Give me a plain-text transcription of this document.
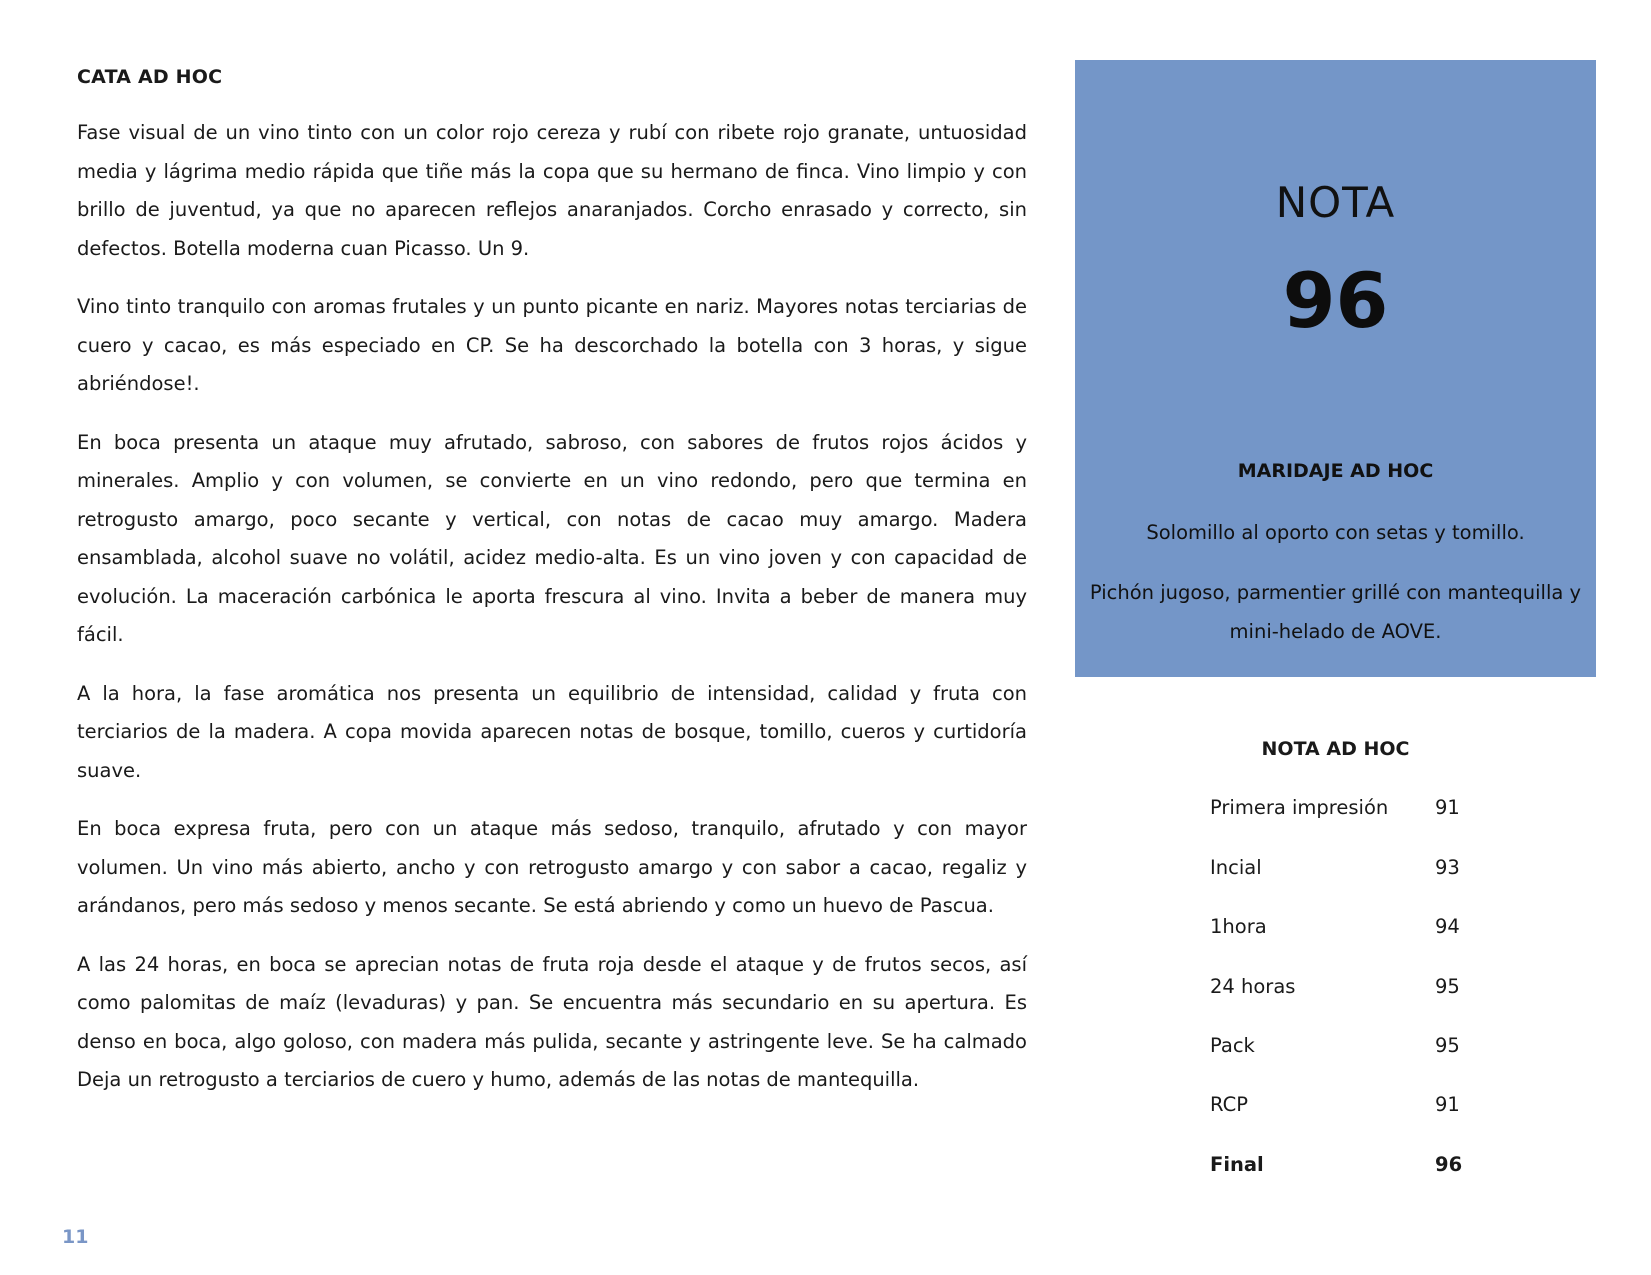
CATA AD HOC

Fase visual de un vino tinto con un color rojo cereza y rubí con ribete rojo granate, untuosidad media y lágrima medio rápida que tiñe más la copa que su hermano de finca. Vino limpio y con brillo de juventud, ya que no aparecen reflejos anaranjados. Corcho enrasado y correcto, sin defectos. Botella moderna cuan Picasso. Un 9.

Vino tinto tranquilo con aromas frutales y un punto picante en nariz. Mayores notas terciarias de cuero y cacao, es más especiado en CP. Se ha descorchado la botella con 3 horas, y sigue abriéndose!.

En boca presenta un ataque muy afrutado, sabroso, con sabores de frutos rojos ácidos y minerales. Amplio y con volumen, se convierte en un vino redondo, pero que termina en retrogusto amargo, poco secante y vertical, con notas de cacao muy amargo. Madera ensamblada, alcohol suave no volátil, acidez medio-alta. Es un vino joven y con capacidad de evolución. La maceración carbónica le aporta frescura al vino. Invita a beber de manera muy fácil.

A la hora, la fase aromática nos presenta un equilibrio de intensidad, calidad y fruta con terciarios de la madera. A copa movida aparecen notas de bosque, tomillo, cueros y curtidoría suave.

En boca expresa fruta, pero con un ataque más sedoso, tranquilo, afrutado y con mayor volumen. Un vino más abierto, ancho y con retrogusto amargo y con sabor a cacao, regaliz y arándanos, pero más sedoso y menos secante. Se está abriendo y como un huevo de Pascua.

A las 24 horas, en boca se aprecian notas de fruta roja desde el ataque y de frutos secos, así como palomitas de maíz (levaduras) y pan. Se encuentra más secundario en su apertura. Es denso en boca, algo goloso, con madera más pulida, secante y astringente leve. Se ha calmado Deja un retrogusto a terciarios de cuero y humo, además de las notas de mantequilla.

11
NOTA
96
MARIDAJE AD HOC
Solomillo al oporto con setas y tomillo.
Pichón jugoso, parmentier grillé con mantequilla y mini-helado de AOVE.
NOTA AD HOC
Primera impresión 91
Incial	93
1hora	94
24 horas	95
Pack	95
RCP	91
Final	96
